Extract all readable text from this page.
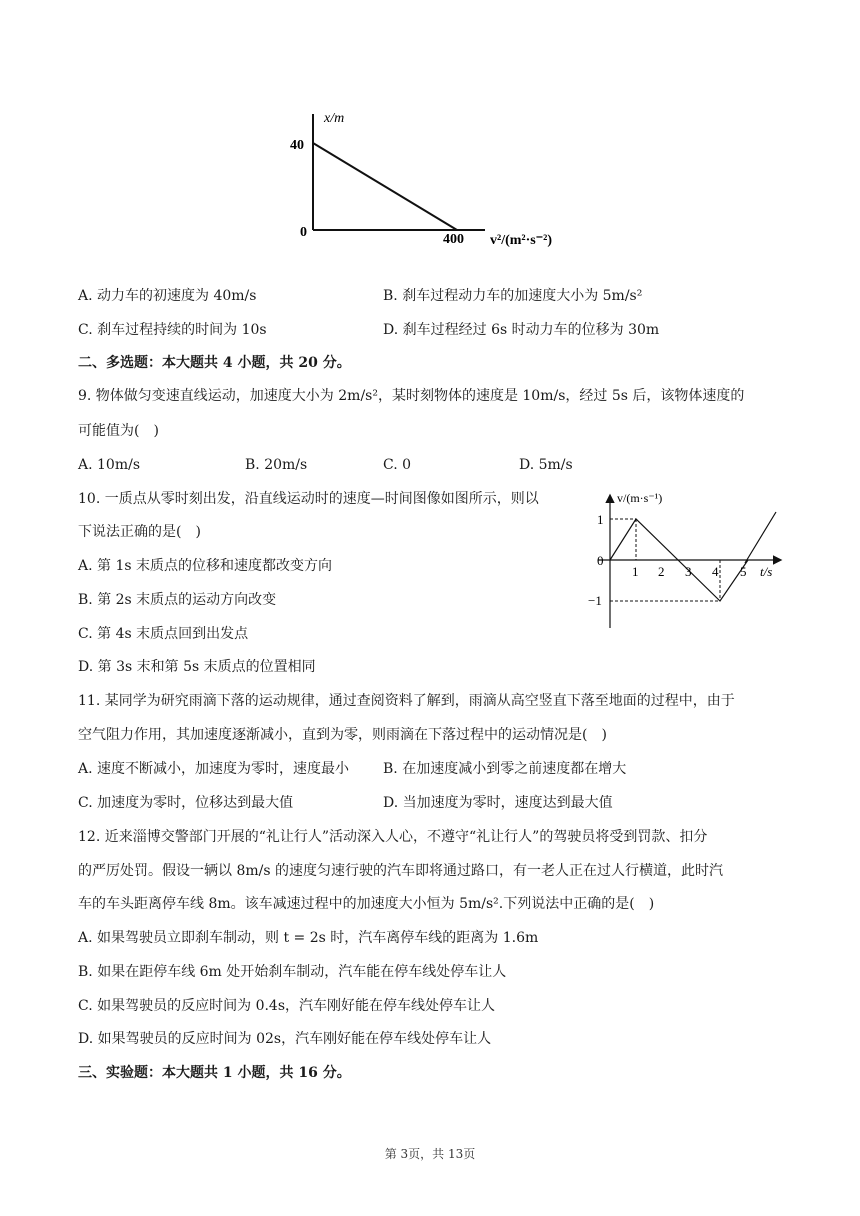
x/m
40
0	400 v²/(m²·s⁻²)
A. 动力车的初速度为 40m/s	B. 刹车过程动力车的加速度大小为 5m/s²
C. 刹车过程持续的时间为 10s	D. 刹车过程经过 6s 时动力车的位移为 30m
二、多选题：本大题共 4 小题，共 20 分。
9. 物体做匀变速直线运动，加速度大小为 2m/s²，某时刻物体的速度是 10m/s，经过 5s 后，该物体速度的
可能值为(　)
A. 10m/s	B. 20m/s	C. 0	D. 5m/s
10. 一质点从零时刻出发，沿直线运动时的速度—时间图像如图所示，则以
下说法正确的是(　)
A. 第 1s 末质点的位移和速度都改变方向
B. 第 2s 末质点的运动方向改变
C. 第 4s 末质点回到出发点
D. 第 3s 末和第 5s 末质点的位置相同
v/(m·s⁻¹)
0
1
−1
1 2 3 4 5 t/s
11. 某同学为研究雨滴下落的运动规律，通过查阅资料了解到，雨滴从高空竖直下落至地面的过程中，由于
空气阻力作用，其加速度逐渐减小，直到为零，则雨滴在下落过程中的运动情况是(　)
A. 速度不断减小，加速度为零时，速度最小 B. 在加速度减小到零之前速度都在增大
C. 加速度为零时，位移达到最大值	D. 当加速度为零时，速度达到最大值
12. 近来淄博交警部门开展的“礼让行人”活动深入人心，不遵守“礼让行人”的驾驶员将受到罚款、扣分
的严厉处罚。假设一辆以 8m/s 的速度匀速行驶的汽车即将通过路口，有一老人正在过人行横道，此时汽
车的车头距离停车线 8m。该车减速过程中的加速度大小恒为 5m/s².下列说法中正确的是(　)
A. 如果驾驶员立即刹车制动，则 t = 2s 时，汽车离停车线的距离为 1.6m
B. 如果在距停车线 6m 处开始刹车制动，汽车能在停车线处停车让人
C. 如果驾驶员的反应时间为 0.4s，汽车刚好能在停车线处停车让人
D. 如果驾驶员的反应时间为 02s，汽车刚好能在停车线处停车让人
三、实验题：本大题共 1 小题，共 16 分。
第 3页，共 13页
